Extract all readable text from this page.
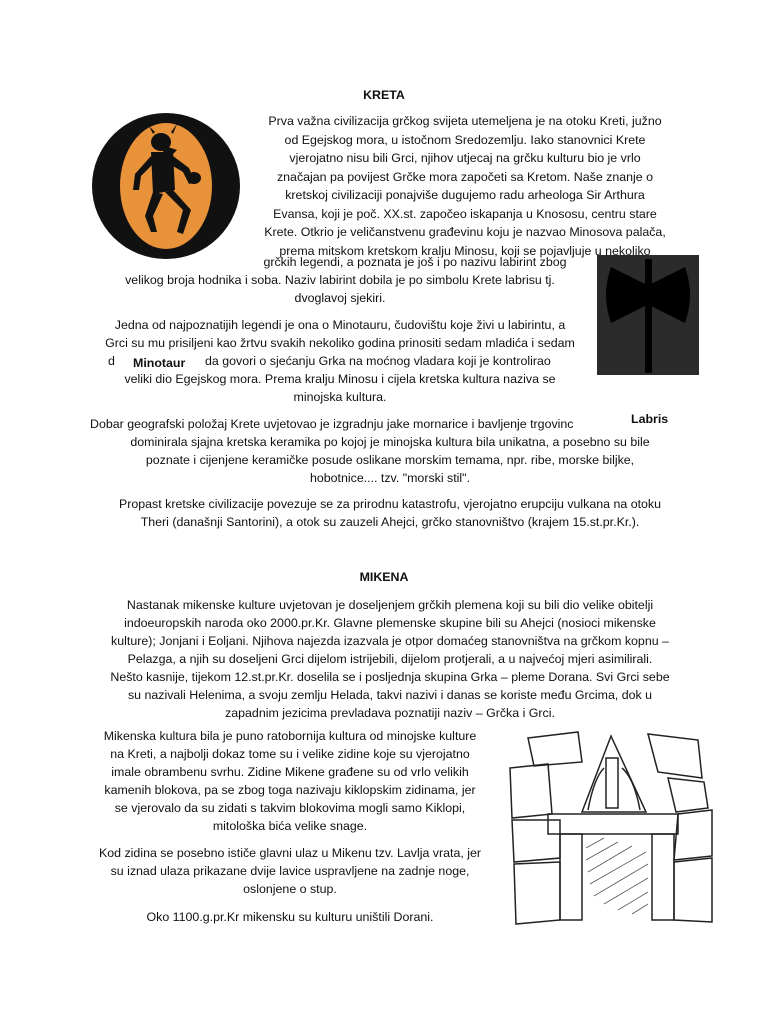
KRETA
Prva važna civilizacija grčkog svijeta utemeljena je na otoku Kreti, južno
od Egejskog mora, u istočnom Sredozemlju. Iako stanovnici Krete
vjerojatno nisu bili Grci, njihov utjecaj na grčku kulturu bio je vrlo
značajan pa povijest Grčke mora započeti sa Kretom. Naše znanje o
kretskoj civilizaciji ponajviše dugujemo radu arheologa Sir Arthura
Evansa, koji je poč. XX.st. započeo iskapanja u Knososu, centru stare
Krete. Otkrio je veličanstvenu građevinu koju je nazvao Minosova palača,
prema mitskom kretskom kralju Minosu, koji se pojavljuje u nekoliko
grčkih legendi, a poznata je još i po nazivu labirint zbog
velikog broja hodnika i soba. Naziv labirint dobila je po simbolu Krete labrisu tj.
dvoglavoj sjekiri.
Jedna od najpoznatijih legendi je ona o Minotauru, čudovištu koje živi u labirintu, a
Grci su mu prisiljeni kao žrtvu svakih nekoliko godina prinositi sedam mladića i sedam
d Minotaur da govori o sjećanju Grka na moćnog vladara koji je kontrolirao
veliki dio Egejskog mora. Prema kralju Minosu i cijela kretska kultura naziva se
minojska kultura.
Dobar geografski položaj Krete uvjetovao je izgradnju jake mornarice i bavljenje trgovinc	Labris
dominirala sjajna kretska keramika po kojoj je minojska kultura bila unikatna, a posebno su bile
poznate i cijenjene keramičke posude oslikane morskim temama, npr. ribe, morske biljke,
hobotnice.... tzv. "morski stil".
Propast kretske civilizacije povezuje se za prirodnu katastrofu, vjerojatno erupciju vulkana na otoku
Theri (današnji Santorini), a otok su zauzeli Ahejci, grčko stanovništvo (krajem 15.st.pr.Kr.).
MIKENA
Nastanak mikenske kulture uvjetovan je doseljenjem grčkih plemena koji su bili dio velike obitelji
indoeuropskih naroda oko 2000.pr.Kr. Glavne plemenske skupine bili su Ahejci (nosioci mikenske
kulture); Jonjani i Eoljani. Njihova najezda izazvala je otpor domaćeg stanovništva na grčkom kopnu –
Pelazga, a njih su doseljeni Grci dijelom istrijebili, dijelom protjerali, a u najvećoj mjeri asimilirali.
Nešto kasnije, tijekom 12.st.pr.Kr. doselila se i posljednja skupina Grka – pleme Dorana. Svi Grci sebe
su nazivali Helenima, a svoju zemlju Helada, takvi nazivi i danas se koriste među Grcima, dok u
zapadnim jezicima prevladava poznatiji naziv – Grčka i Grci.
Mikenska kultura bila je puno ratobornija kultura od minojske kulture
na Kreti, a najbolji dokaz tome su i velike zidine koje su vjerojatno
imale obrambenu svrhu. Zidine Mikene građene su od vrlo velikih
kamenih blokova, pa se zbog toga nazivaju kiklopskim zidinama, jer
se vjerovalo da su zidati s takvim blokovima mogli samo Kiklopi,
mitološka bića velike snage.
Kod zidina se posebno ističe glavni ulaz u Mikenu tzv. Lavlja vrata, jer
su iznad ulaza prikazane dvije lavice uspravljene na zadnje noge,
oslonjene o stup.
Oko 1100.g.pr.Kr mikensku su kulturu uništili Dorani.
